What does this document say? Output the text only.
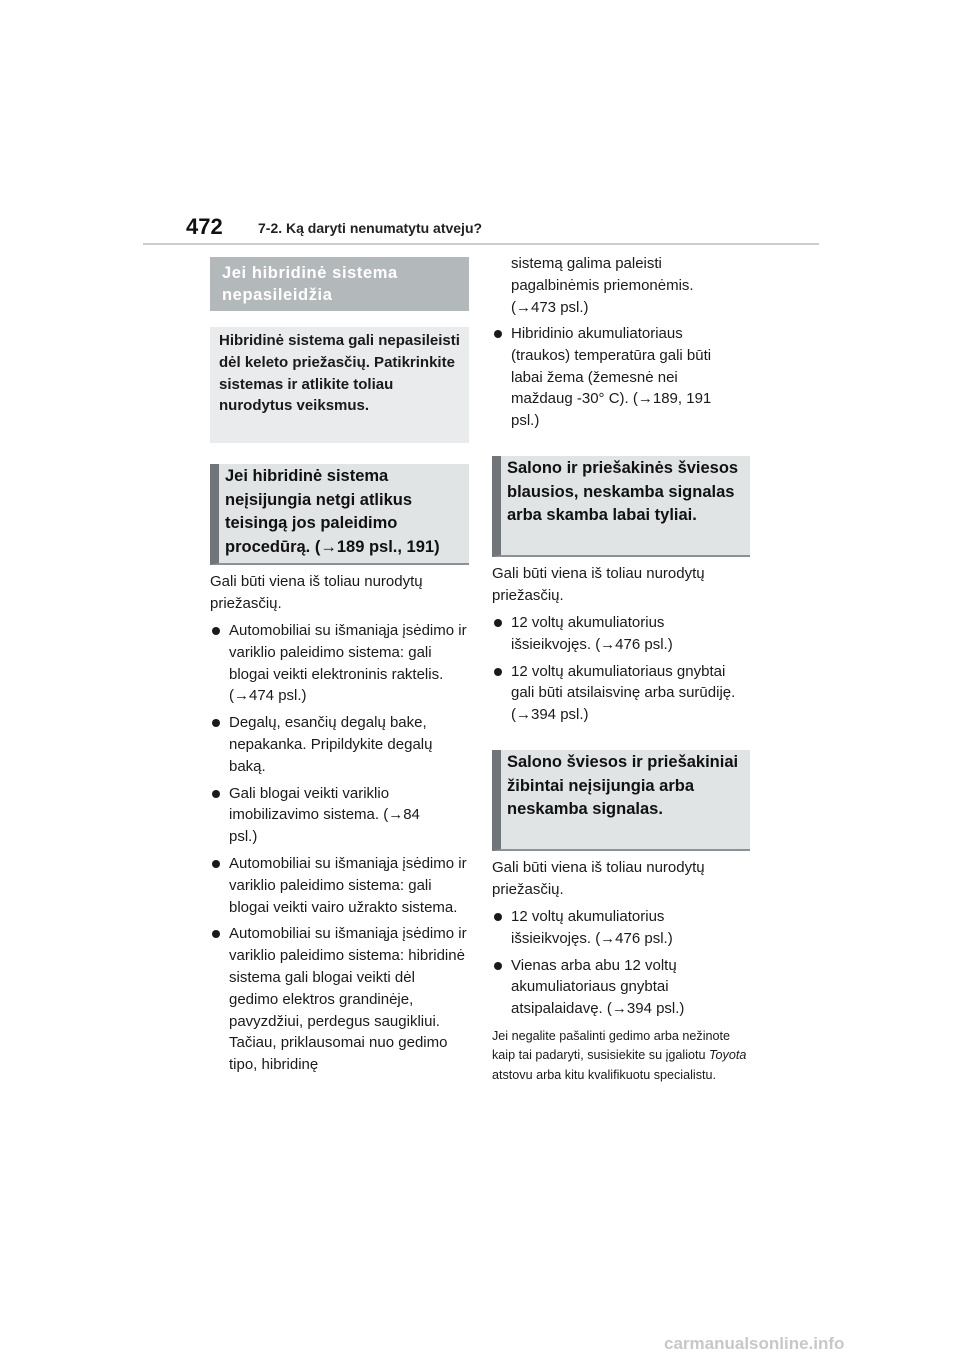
472	7-2. Ką daryti nenumatytu atveju?
Jei hibridinė sistema nepasileidžia
Hibridinė sistema gali nepasileisti dėl keleto priežasčių. Patikrinkite sistemas ir atlikite toliau nurodytus veiksmus.
Jei hibridinė sistema neįsijungia netgi atlikus teisingą jos paleidimo procedūrą. (→189 psl., 191)
Gali būti viena iš toliau nurodytų priežasčių.
Automobiliai su išmaniąja įsėdimo ir variklio paleidimo sistema: gali blogai veikti elektroninis raktelis. (→474 psl.)
Degalų, esančių degalų bake, nepakanka. Pripildykite degalų baką.
Gali blogai veikti variklio imobilizavimo sistema. (→84 psl.)
Automobiliai su išmaniąja įsėdimo ir variklio paleidimo sistema: gali blogai veikti vairo užrakto sistema.
Automobiliai su išmaniąja įsėdimo ir variklio paleidimo sistema: hibridinė sistema gali blogai veikti dėl gedimo elektros grandinėje, pavyzdžiui, perdegus saugikliui. Tačiau, priklausomai nuo gedimo tipo, hibridinę
sistemą galima paleisti pagalbinėmis priemonėmis. (→473 psl.)
Hibridinio akumuliatoriaus (traukos) temperatūra gali būti labai žema (žemesnė nei maždaug -30° C). (→189, 191 psl.)
Salono ir priešakinės šviesos blausios, neskamba signalas arba skamba labai tyliai.
Gali būti viena iš toliau nurodytų priežasčių.
12 voltų akumuliatorius išsieikvojęs. (→476 psl.)
12 voltų akumuliatoriaus gnybtai gali būti atsilaisvinę arba surūdiję. (→394 psl.)
Salono šviesos ir priešakiniai žibintai neįsijungia arba neskamba signalas.
Gali būti viena iš toliau nurodytų priežasčių.
12 voltų akumuliatorius išsieikvojęs. (→476 psl.)
Vienas arba abu 12 voltų akumuliatoriaus gnybtai atsipalaidavę. (→394 psl.)
Jei negalite pašalinti gedimo arba nežinote kaip tai padaryti, susisiekite su įgaliotu Toyota atstovu arba kitu kvalifikuotu specialistu.
carmanualsonline.info
